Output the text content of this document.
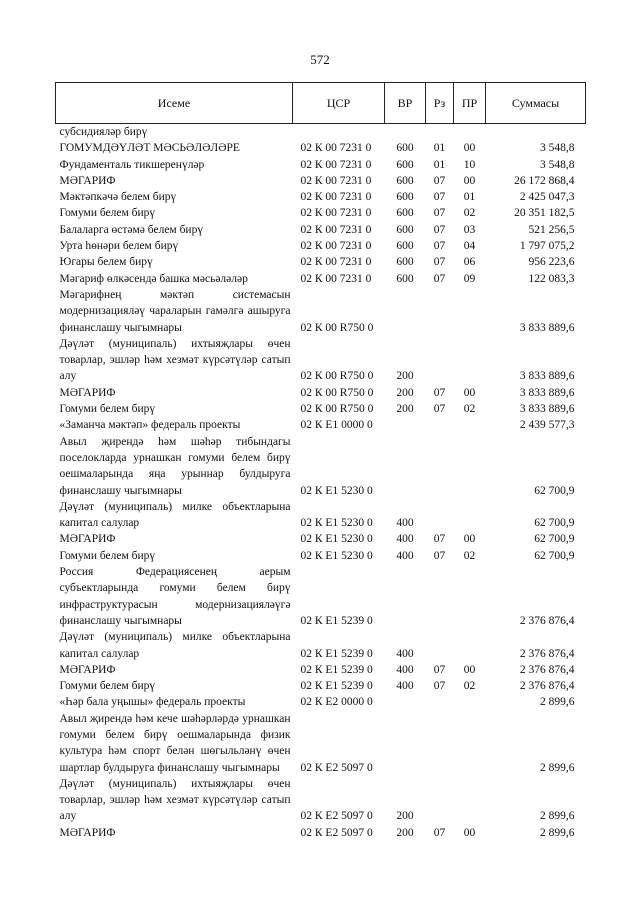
572
Исеме	ЦСР	ВР	Рз	ПР	Суммасы
субсидияләр бирү					
ГОМУМДӘҮЛӘТ МӘСЬӘЛӘЛӘРЕ	02 К 00 7231 0	600	01	00	3 548,8
Фундаменталь тикшеренүләр	02 К 00 7231 0	600	01	10	3 548,8
МӘГАРИФ	02 К 00 7231 0	600	07	00	26 172 868,4
Мәктәпкәчә белем бирү	02 К 00 7231 0	600	07	01	2 425 047,3
Гомуми белем бирү	02 К 00 7231 0	600	07	02	20 351 182,5
Балаларга өстәмә белем бирү	02 К 00 7231 0	600	07	03	521 256,5
Урта һөнәри белем бирү	02 К 00 7231 0	600	07	04	1 797 075,2
Югары белем бирү	02 К 00 7231 0	600	07	06	956 223,6
Мәгариф өлкәсендә башка мәсьәләләр	02 К 00 7231 0	600	07	09	122 083,3
Мәгарифнең мәктәп системасын модернизацияләү чараларын гамәлгә ашыруга финанслашу чыгымнары	02 К 00 R750 0				3 833 889,6
Дәүләт (муниципаль) ихтыяҗлары өчен товарлар, эшләр һәм хезмәт күрсәтүләр сатып алу	02 К 00 R750 0	200			3 833 889,6
МӘГАРИФ	02 К 00 R750 0	200	07	00	3 833 889,6
Гомуми белем бирү	02 К 00 R750 0	200	07	02	3 833 889,6
«Заманча мәктәп» федераль проекты	02 К Е1 0000 0				2 439 577,3
Авыл җирендә һәм шәһәр тибындагы поселокларда урнашкан гомуми белем бирү оешмаларында яңа урыннар булдыруга финанслашу чыгымнары	02 К Е1 5230 0				62 700,9
Дәүләт (муниципаль) милке объектларына капитал салулар	02 К Е1 5230 0	400			62 700,9
МӘГАРИФ	02 К Е1 5230 0	400	07	00	62 700,9
Гомуми белем бирү	02 К Е1 5230 0	400	07	02	62 700,9
Россия Федерациясенең аерым субъектларында гомуми белем бирү инфраструктурасын модернизацияләүгә финанслашу чыгымнары	02 К Е1 5239 0				2 376 876,4
Дәүләт (муниципаль) милке объектларына капитал салулар	02 К Е1 5239 0	400			2 376 876,4
МӘГАРИФ	02 К Е1 5239 0	400	07	00	2 376 876,4
Гомуми белем бирү	02 К Е1 5239 0	400	07	02	2 376 876,4
«Һәр бала уңышы» федераль проекты	02 К Е2 0000 0				2 899,6
Авыл җирендә һәм кече шәһәрләрдә урнашкан гомуми белем бирү оешмаларында физик культура һәм спорт белән шөгыльләнү өчен шартлар булдыруга финанслашу чыгымнары	02 К Е2 5097 0				2 899,6
Дәүләт (муниципаль) ихтыяҗлары өчен товарлар, эшләр һәм хезмәт күрсәтүләр сатып алу	02 К Е2 5097 0	200			2 899,6
МӘГАРИФ	02 К Е2 5097 0	200	07	00	2 899,6
